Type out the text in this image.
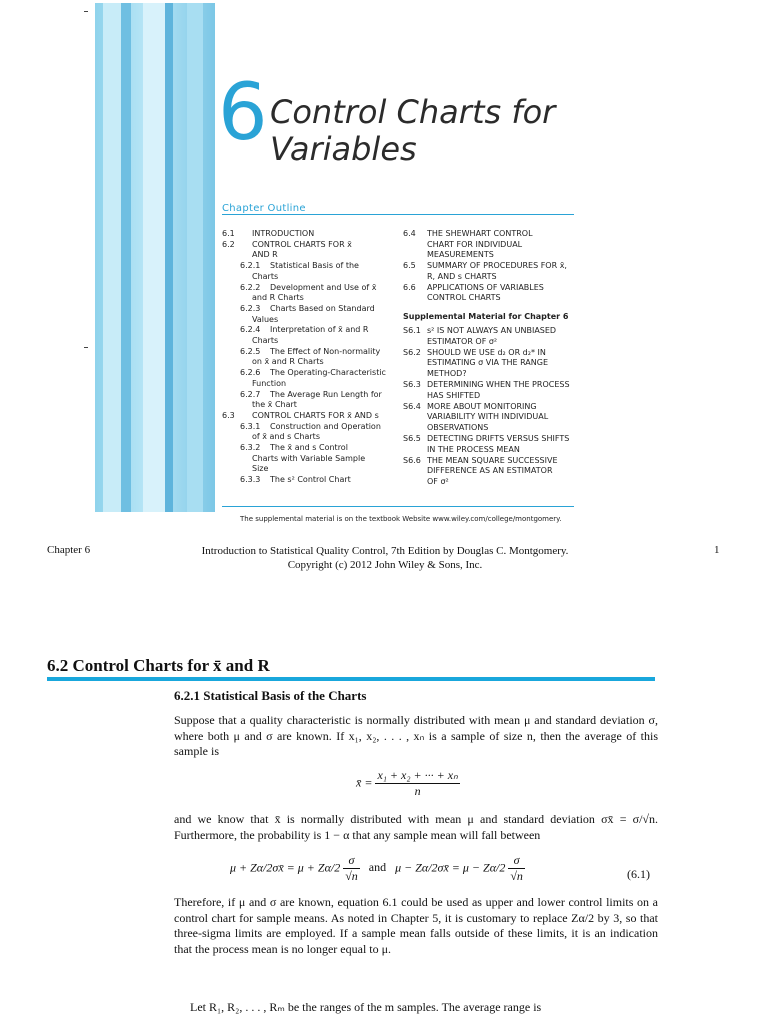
6 Control Charts for
Variables
Chapter Outline
6.1 INTRODUCTION
6.2 CONTROL CHARTS FOR x̄
AND R
6.2.1 Statistical Basis of the
Charts
6.2.2 Development and Use of x̄
and R Charts
6.2.3 Charts Based on Standard
Values
6.2.4 Interpretation of x̄ and R
Charts
6.2.5 The Effect of Non-normality
on x̄ and R Charts
6.2.6 The Operating-Characteristic
Function
6.2.7 The Average Run Length for
the x̄ Chart
6.3 CONTROL CHARTS FOR x̄ AND s
6.3.1 Construction and Operation
of x̄ and s Charts
6.3.2 The x̄ and s Control
Charts with Variable Sample
Size
6.3.3 The s² Control Chart
6.4 THE SHEWHART CONTROL
CHART FOR INDIVIDUAL
MEASUREMENTS
6.5 SUMMARY OF PROCEDURES FOR x̄,
R, AND s CHARTS
6.6 APPLICATIONS OF VARIABLES
CONTROL CHARTS
Supplemental Material for Chapter 6
S6.1 s² IS NOT ALWAYS AN UNBIASED
ESTIMATOR OF σ²
S6.2 SHOULD WE USE d₂ OR d₂* IN
ESTIMATING σ VIA THE RANGE
METHOD?
S6.3 DETERMINING WHEN THE PROCESS
HAS SHIFTED
S6.4 MORE ABOUT MONITORING
VARIABILITY WITH INDIVIDUAL
OBSERVATIONS
S6.5 DETECTING DRIFTS VERSUS SHIFTS
IN THE PROCESS MEAN
S6.6 THE MEAN SQUARE SUCCESSIVE
DIFFERENCE AS AN ESTIMATOR
OF σ²
The supplemental material is on the textbook Website www.wiley.com/college/montgomery.
Chapter 6	Introduction to Statistical Quality Control, 7th Edition by Douglas C. Montgomery.
Copyright (c) 2012 John Wiley & Sons, Inc.
1
6.2 Control Charts for x̄ and R
6.2.1 Statistical Basis of the Charts
Suppose that a quality characteristic is normally distributed with mean μ and standard deviation σ, where both μ and σ are known. If x₁, x₂, . . . , xₙ is a sample of size n, then the average of this sample is
x̄ = $\frac{\text{x₁ + x₂ + ··· + xₙ}}{n}$
and we know that x̄ is normally distributed with mean μ and standard deviation σx̄ = σ/√n. Furthermore, the probability is 1 − α that any sample mean will fall between
μ + Zα/2σx̄ = $\mu + Z\alpha/2 \frac{\sigma}{√n}$ and μ − Zα/2σx̄ = $\mu - Z\alpha/2 \frac{\sigma}{√n}$	(6.1)
Therefore, if μ and σ are known, equation 6.1 could be used as upper and lower control limits on a control chart for sample means. As noted in Chapter 5, it is customary to replace Zα/2 by 3, so that three-sigma limits are employed. If a sample mean falls outside of these limits, it is an indication that the process mean is no longer equal to μ.
Let R₁, R₂, . . . , Rₘ be the ranges of the m samples. The average range is
